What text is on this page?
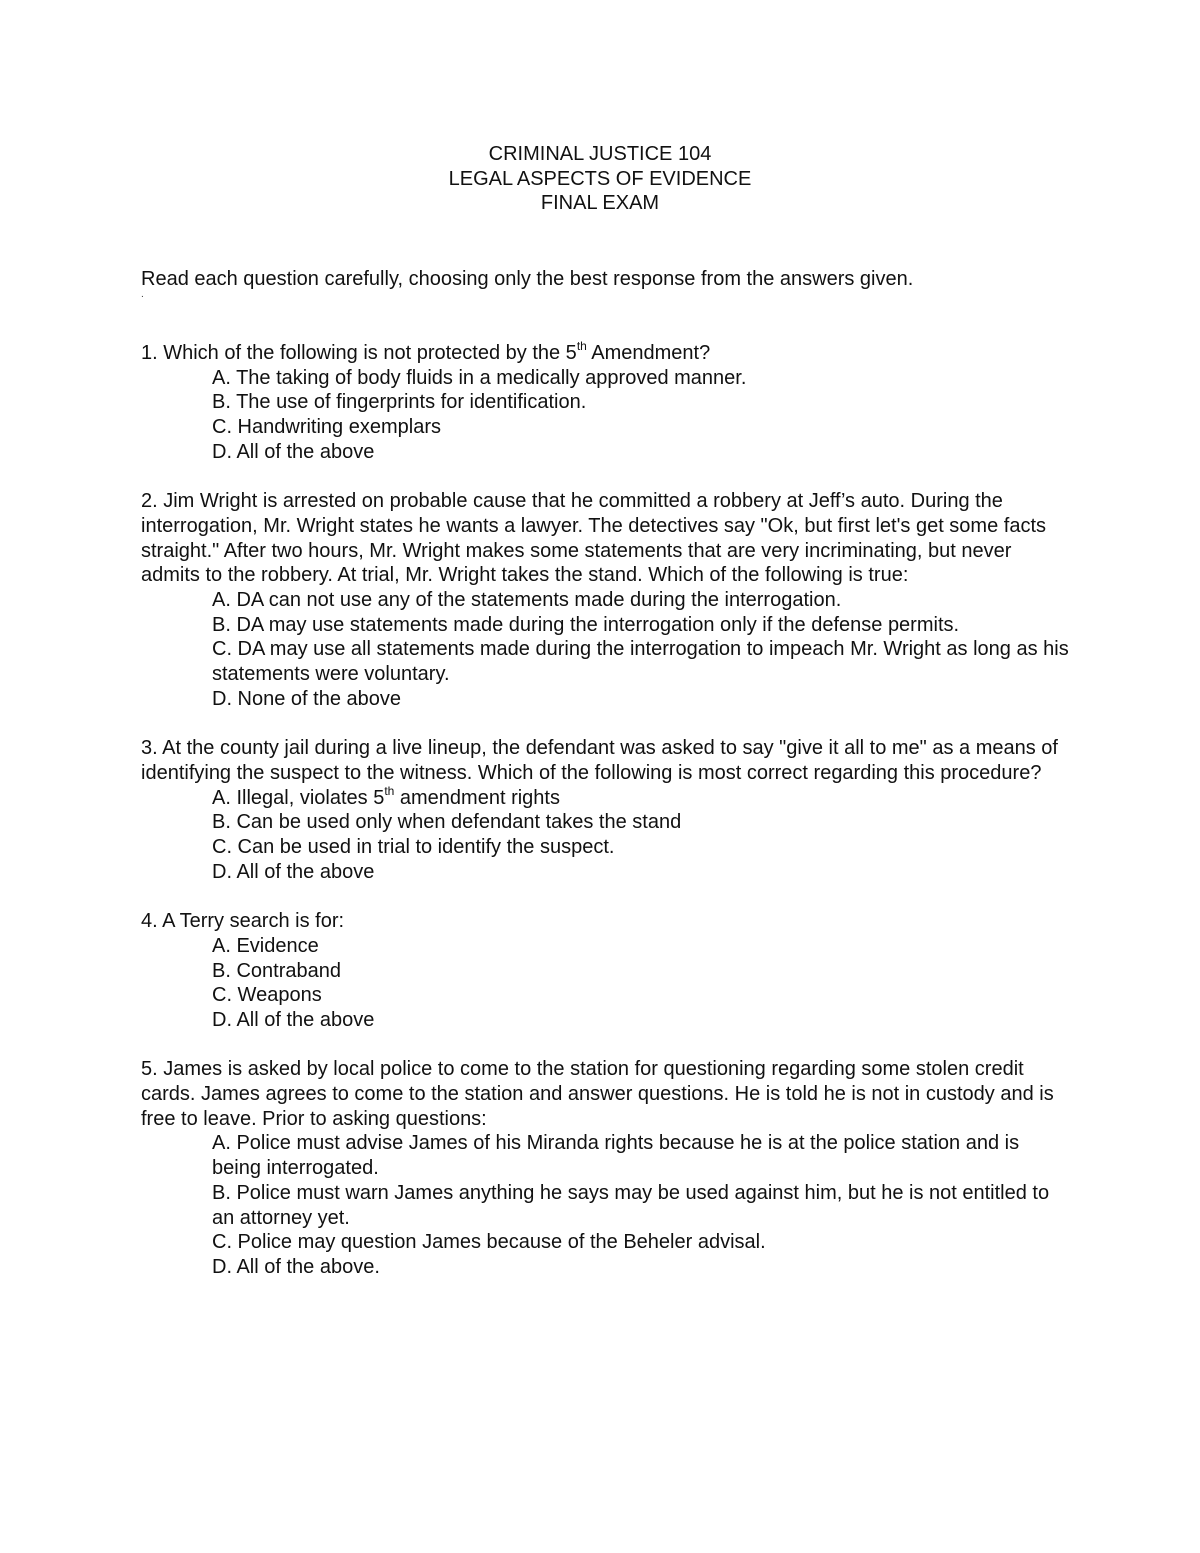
CRIMINAL JUSTICE 104
LEGAL ASPECTS OF EVIDENCE
FINAL EXAM
Read each question carefully, choosing only the best response from the answers given.
.

1. Which of the following is not protected by the 5th Amendment?

A. The taking of body fluids in a medically approved manner.
B. The use of fingerprints for identification.
C. Handwriting exemplars
D. All of the above

2. Jim Wright is arrested on probable cause that he committed a robbery at Jeff’s auto. During the interrogation, Mr. Wright states he wants a lawyer. The detectives say "Ok, but first let's get some facts straight." After two hours, Mr. Wright makes some statements that are very incriminating, but never admits to the robbery. At trial, Mr. Wright takes the stand. Which of the following is true:

A. DA can not use any of the statements made during the interrogation.
B. DA may use statements made during the interrogation only if the defense permits.
C. DA may use all statements made during the interrogation to impeach Mr. Wright as long as his statements were voluntary.
D. None of the above

3. At the county jail during a live lineup, the defendant was asked to say "give it all to me" as a means of identifying the suspect to the witness. Which of the following is most correct regarding this procedure?

A. Illegal, violates 5th amendment rights
B. Can be used only when defendant takes the stand
C. Can be used in trial to identify the suspect.
D. All of the above

4. A Terry search is for:

A. Evidence
B. Contraband
C. Weapons
D. All of the above

5. James is asked by local police to come to the station for questioning regarding some stolen credit cards. James agrees to come to the station and answer questions. He is told he is not in custody and is free to leave. Prior to asking questions:

A. Police must advise James of his Miranda rights because he is at the police station and is being interrogated.
B. Police must warn James anything he says may be used against him, but he is not entitled to an attorney yet.
C. Police may question James because of the Beheler advisal.
D. All of the above.
